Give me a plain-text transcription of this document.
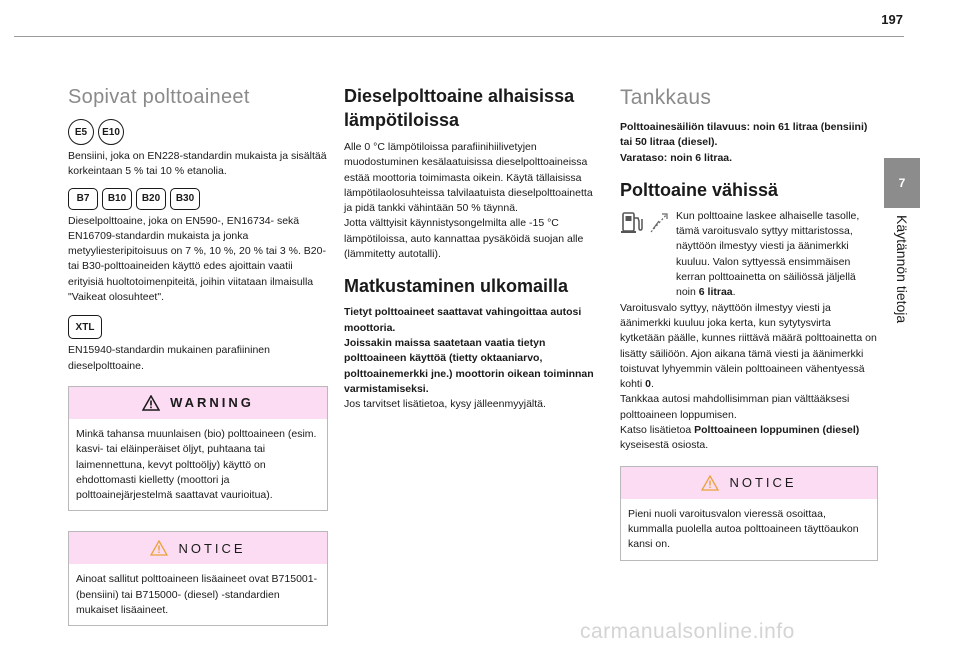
197
7
Käytännön tietoja
Sopivat polttoaineet
E5	E10

Bensiini, joka on EN228-standardin mukaista ja sisältää korkeintaan 5 % tai 10 % etanolia.

B7	B10	B20	B30

Dieselpolttoaine, joka on EN590-, EN16734- sekä EN16709-standardin mukaista ja jonka metyyliesteripitoisuus on 7 %, 10 %, 20 % tai 3 %. B20- tai B30-polttoaineiden käyttö edes ajoittain vaatii erityisiä huoltotoimenpiteitä, joihin viitataan ilmaisulla "Vaikeat olosuhteet".

XTL

EN15940-standardin mukainen parafiininen dieselpolttoaine.

WARNING

Minkä tahansa muunlaisen (bio) polttoaineen (esim. kasvi- tai eläinperäiset öljyt, puhtaana tai laimennettuna, kevyt polttoöljy) käyttö on ehdottomasti kielletty (moottori ja polttoainejärjestelmä saattavat vaurioitua).

NOTICE

Ainoat sallitut polttoaineen lisäaineet ovat B715001- (bensiini) tai B715000- (diesel) -standardien mukaiset lisäaineet.

Dieselpolttoaine alhaisissa lämpötiloissa

Alle 0 °C lämpötiloissa parafiinihiilivetyjen muodostuminen kesälaatuisissa dieselpolttoaineissa estää moottoria toimimasta oikein. Käytä tällaisissa lämpötilaolosuhteissa talvilaatuista dieselpolttoainetta ja pidä tankki vähintään 50 % täynnä.

Jotta välttyisit käynnistysongelmilta alle -15 °C lämpötiloissa, auto kannattaa pysäköidä suojan alle (lämmitetty autotalli).

Matkustaminen ulkomailla

Tietyt polttoaineet saattavat vahingoittaa autosi moottoria.

Joissakin maissa saatetaan vaatia tietyn polttoaineen käyttöä (tietty oktaaniarvo, polttoainemerkki jne.) moottorin oikean toiminnan varmistamiseksi.

Jos tarvitset lisätietoa, kysy jälleenmyyjältä.

Tankkaus

Polttoainesäiliön tilavuus: noin 61 litraa (bensiini) tai 50 litraa (diesel).

Varataso: noin 6 litraa.

Polttoaine vähissä

Kun polttoaine laskee alhaiselle tasolle, tämä varoitusvalo syttyy mittaristossa, näyttöön ilmestyy viesti ja äänimerkki kuuluu. Valon syttyessä ensimmäisen kerran polttoainetta on säiliössä jäljellä noin 6 litraa.

Varoitusvalo syttyy, näyttöön ilmestyy viesti ja äänimerkki kuuluu joka kerta, kun sytytysvirta kytketään päälle, kunnes riittävä määrä polttoainetta on lisätty säiliöön. Ajon aikana tämä viesti ja äänimerkki toistuvat lyhyemmin välein polttoaineen vähentyessä kohti 0.

Tankkaa autosi mahdollisimman pian välttääksesi polttoaineen loppumisen.

Katso lisätietoa Polttoaineen loppuminen (diesel) kyseisestä osiosta.

NOTICE

Pieni nuoli varoitusvalon vieressä osoittaa, kummalla puolella autoa polttoaineen täyttöaukon kansi on.

carmanualsonline.info
